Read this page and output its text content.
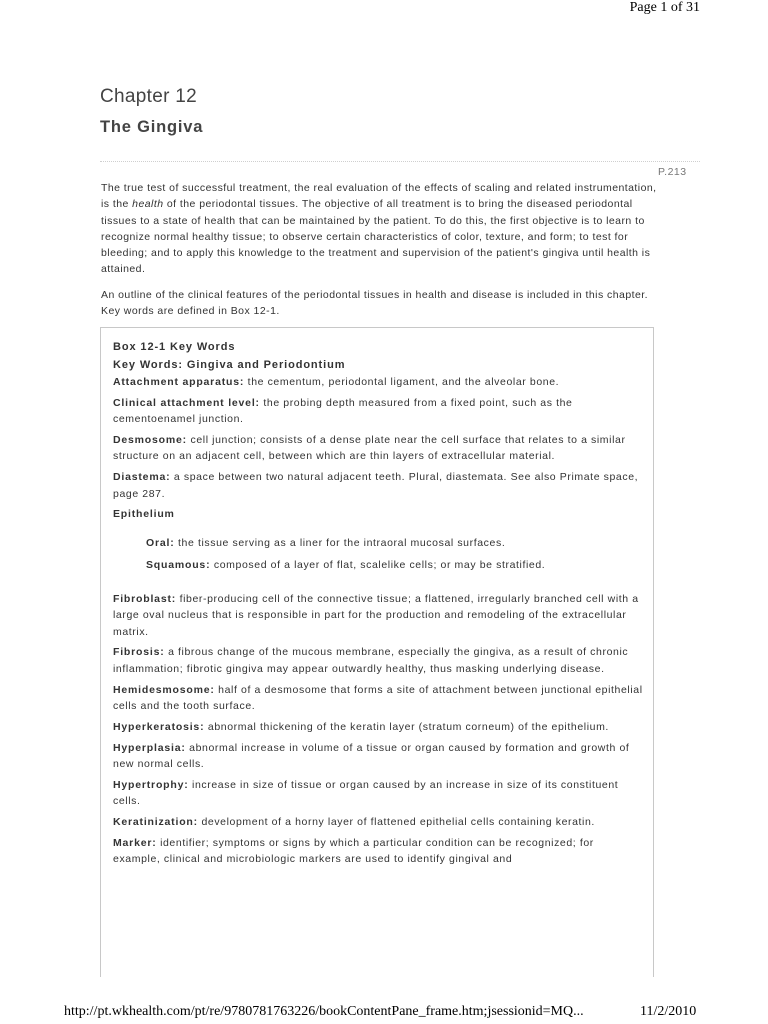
Page 1 of 31
Chapter 12
The Gingiva
P.213

The true test of successful treatment, the real evaluation of the effects of scaling and related instrumentation, is the health of the periodontal tissues. The objective of all treatment is to bring the diseased periodontal tissues to a state of health that can be maintained by the patient. To do this, the first objective is to learn to recognize normal healthy tissue; to observe certain characteristics of color, texture, and form; to test for bleeding; and to apply this knowledge to the treatment and supervision of the patient's gingiva until health is attained.

An outline of the clinical features of the periodontal tissues in health and disease is included in this chapter. Key words are defined in Box 12-1.

Box 12-1 Key Words
Key Words: Gingiva and Periodontium
Attachment apparatus: the cementum, periodontal ligament, and the alveolar bone.
Clinical attachment level: the probing depth measured from a fixed point, such as the cementoenamel junction.
Desmosome: cell junction; consists of a dense plate near the cell surface that relates to a similar structure on an adjacent cell, between which are thin layers of extracellular material.
Diastema: a space between two natural adjacent teeth. Plural, diastemata. See also Primate space, page 287.
Epithelium
Oral: the tissue serving as a liner for the intraoral mucosal surfaces.
Squamous: composed of a layer of flat, scalelike cells; or may be stratified.
Fibroblast: fiber-producing cell of the connective tissue; a flattened, irregularly branched cell with a large oval nucleus that is responsible in part for the production and remodeling of the extracellular matrix.
Fibrosis: a fibrous change of the mucous membrane, especially the gingiva, as a result of chronic inflammation; fibrotic gingiva may appear outwardly healthy, thus masking underlying disease.
Hemidesmosome: half of a desmosome that forms a site of attachment between junctional epithelial cells and the tooth surface.
Hyperkeratosis: abnormal thickening of the keratin layer (stratum corneum) of the epithelium.
Hyperplasia: abnormal increase in volume of a tissue or organ caused by formation and growth of new normal cells.
Hypertrophy: increase in size of tissue or organ caused by an increase in size of its constituent cells.
Keratinization: development of a horny layer of flattened epithelial cells containing keratin.
Marker: identifier; symptoms or signs by which a particular condition can be recognized; for example, clinical and microbiologic markers are used to identify gingival and
http://pt.wkhealth.com/pt/re/9780781763226/bookContentPane_frame.htm;jsessionid=MQ...	11/2/2010
